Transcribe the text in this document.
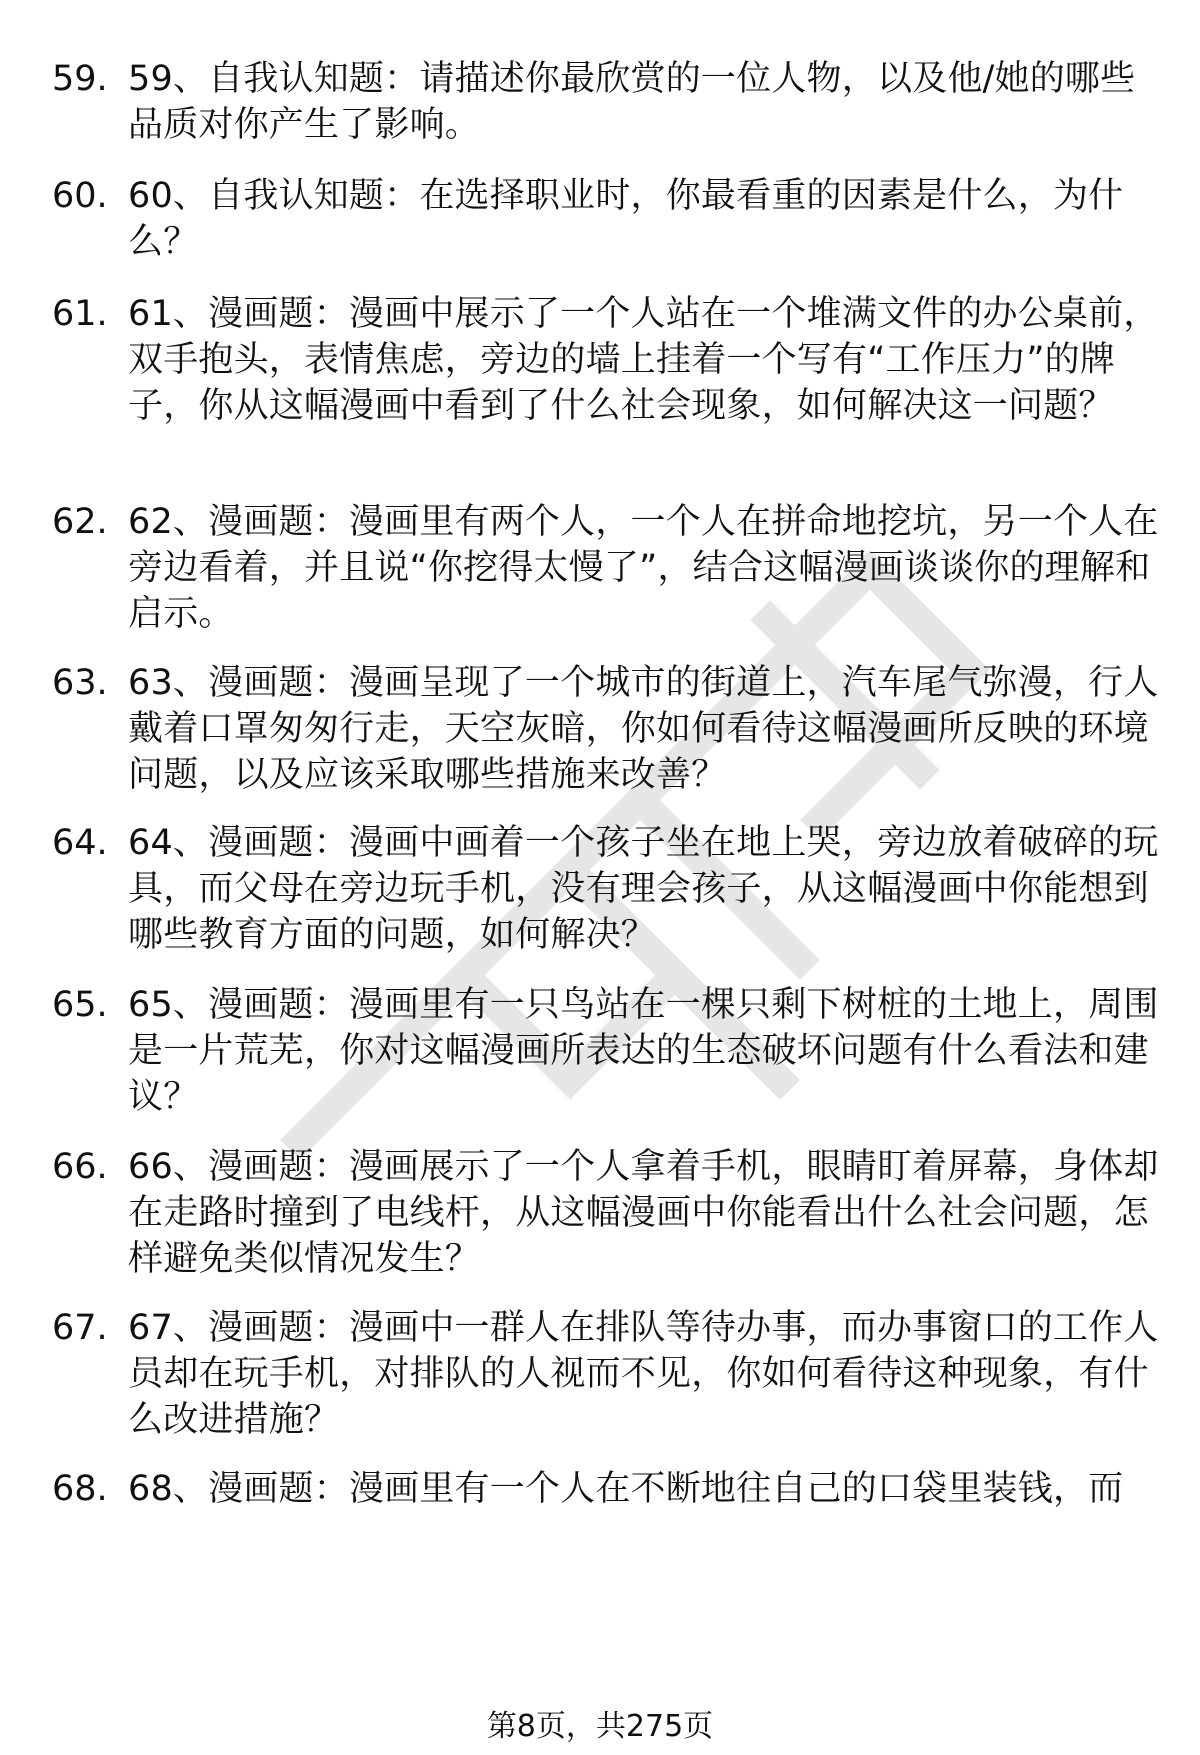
59. 59、自我认知题：请描述你最欣赏的一位人物，以及他/她的哪些品质对你产生了影响。
60. 60、自我认知题：在选择职业时，你最看重的因素是什么，为什么？
61. 61、漫画题：漫画中展示了一个人站在一个堆满文件的办公桌前，双手抱头，表情焦虑，旁边的墙上挂着一个写有“工作压力”的牌子，你从这幅漫画中看到了什么社会现象，如何解决这一问题？
62. 62、漫画题：漫画里有两个人，一个人在拼命地挖坑，另一个人在旁边看着，并且说“你挖得太慢了”，结合这幅漫画谈谈你的理解和启示。
63. 63、漫画题：漫画呈现了一个城市的街道上，汽车尾气弥漫，行人戴着口罩匆匆行走，天空灰暗，你如何看待这幅漫画所反映的环境问题，以及应该采取哪些措施来改善？
64. 64、漫画题：漫画中画着一个孩子坐在地上哭，旁边放着破碎的玩具，而父母在旁边玩手机，没有理会孩子，从这幅漫画中你能想到哪些教育方面的问题，如何解决？
65. 65、漫画题：漫画里有一只鸟站在一棵只剩下树桩的土地上，周围是一片荒芜，你对这幅漫画所表达的生态破坏问题有什么看法和建议？
66. 66、漫画题：漫画展示了一个人拿着手机，眼睛盯着屏幕，身体却在走路时撞到了电线杆，从这幅漫画中你能看出什么社会问题，怎样避免类似情况发生？
67. 67、漫画题：漫画中一群人在排队等待办事，而办事窗口的工作人员却在玩手机，对排队的人视而不见，你如何看待这种现象，有什么改进措施？
68. 68、漫画题：漫画里有一个人在不断地往自己的口袋里装钱，而
第8页，共275页
